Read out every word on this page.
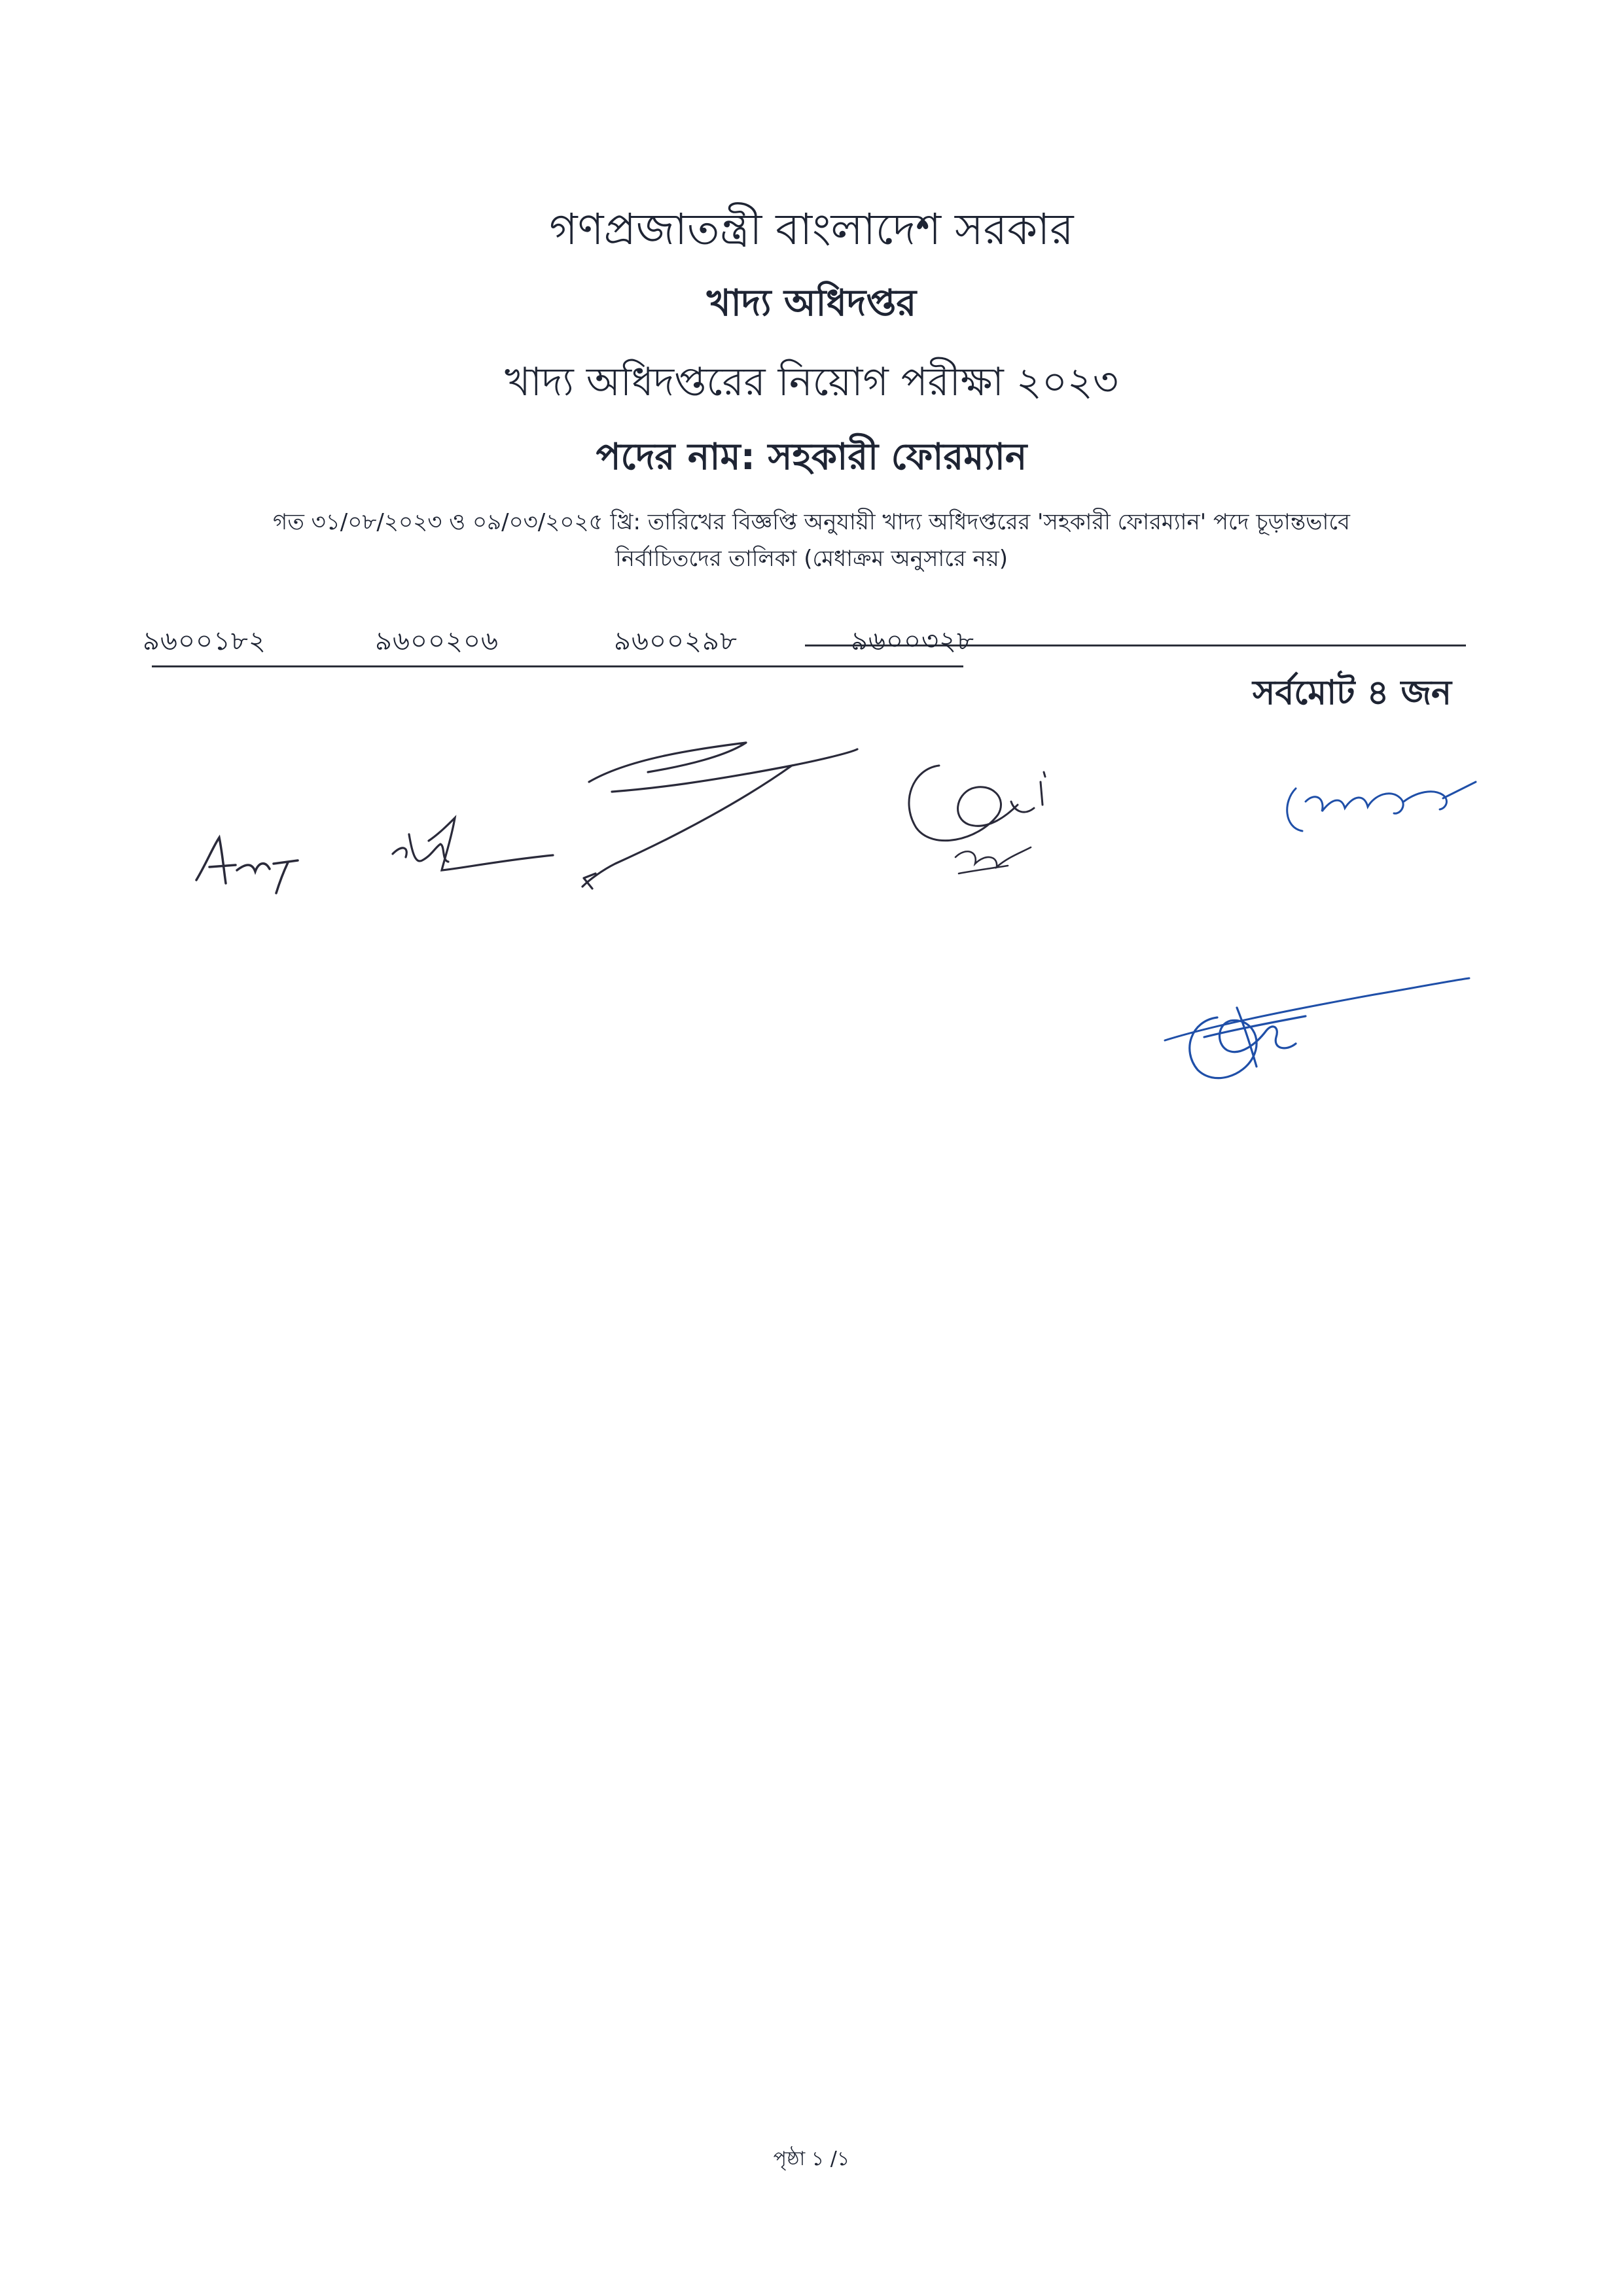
গণপ্রজাতন্ত্রী বাংলাদেশ সরকার
খাদ্য অধিদপ্তর
খাদ্য অধিদপ্তরের নিয়োগ পরীক্ষা ২০২৩
পদের নাম: সহকারী ফোরম্যান
গত ৩১/০৮/২০২৩ ও ০৯/০৩/২০২৫ খ্রি: তারিখের বিজ্ঞপ্তি অনুযায়ী খাদ্য অধিদপ্তরের 'সহকারী ফোরম্যান' পদে চূড়ান্তভাবে
নির্বাচিতদের তালিকা (মেধাক্রম অনুসারে নয়)
৯৬০০১৮২	৯৬০০২০৬	৯৬০০২৯৮	৯৬০০৩২৮
সর্বমোট ৪ জন
পৃষ্ঠা ১ /১
